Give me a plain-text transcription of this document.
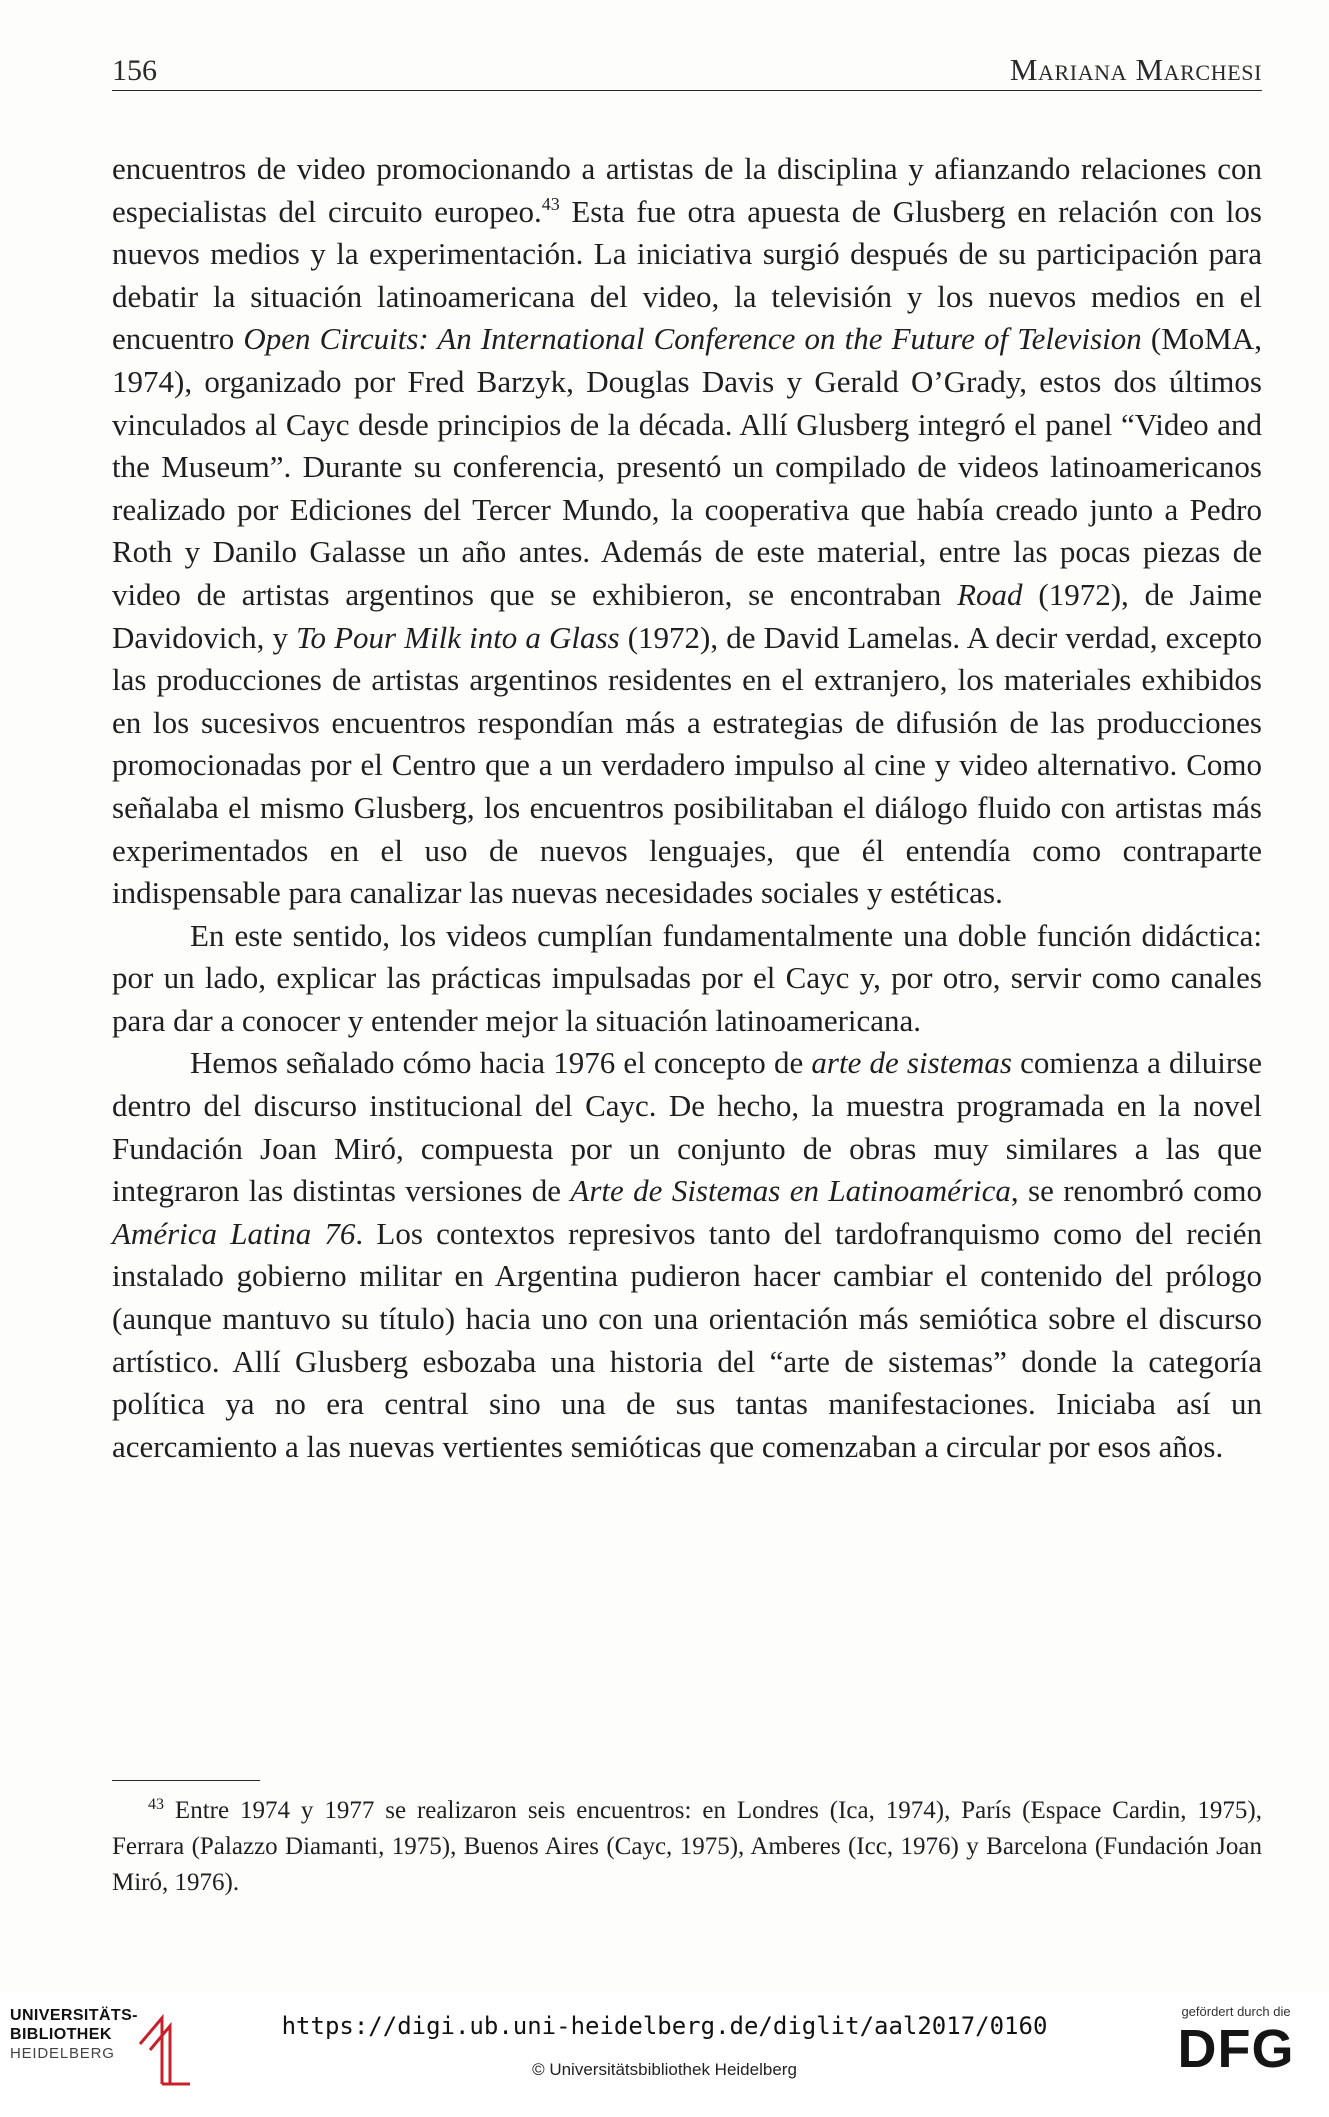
156	Mariana Marchesi

encuentros de video promocionando a artistas de la disciplina y afianzando relaciones con especialistas del circuito europeo.$^{43}$ Esta fue otra apuesta de Glusberg en relación con los nuevos medios y la experimentación. La iniciativa surgió después de su participación para debatir la situación latinoamericana del video, la televisión y los nuevos medios en el encuentro Open Circuits: An International Conference on the Future of Television (MoMA, 1974), organizado por Fred Barzyk, Douglas Davis y Gerald O’Grady, estos dos últimos vinculados al Cayc desde principios de la década. Allí Glusberg integró el panel “Video and the Museum”. Durante su conferencia, presentó un compilado de videos latinoamericanos realizado por Ediciones del Tercer Mundo, la cooperativa que había creado junto a Pedro Roth y Danilo Galasse un año antes. Además de este material, entre las pocas piezas de video de artistas argentinos que se exhibieron, se encontraban Road (1972), de Jaime Davidovich, y To Pour Milk into a Glass (1972), de David Lamelas. A decir verdad, excepto las producciones de artistas argentinos residentes en el extranjero, los materiales exhibidos en los sucesivos encuentros respondían más a estrategias de difusión de las producciones promocionadas por el Centro que a un verdadero impulso al cine y video alternativo. Como señalaba el mismo Glusberg, los encuentros posibilitaban el diálogo fluido con artistas más experimentados en el uso de nuevos lenguajes, que él entendía como contraparte indispensable para canalizar las nuevas necesidades sociales y estéticas.

En este sentido, los videos cumplían fundamentalmente una doble función didáctica: por un lado, explicar las prácticas impulsadas por el Cayc y, por otro, servir como canales para dar a conocer y entender mejor la situación latinoamericana.

Hemos señalado cómo hacia 1976 el concepto de arte de sistemas comienza a diluirse dentro del discurso institucional del Cayc. De hecho, la muestra programada en la novel Fundación Joan Miró, compuesta por un conjunto de obras muy similares a las que integraron las distintas versiones de Arte de Sistemas en Latinoamérica, se renombró como América Latina 76. Los contextos represivos tanto del tardofranquismo como del recién instalado gobierno militar en Argentina pudieron hacer cambiar el contenido del prólogo (aunque mantuvo su título) hacia uno con una orientación más semiótica sobre el discurso artístico. Allí Glusberg esbozaba una historia del “arte de sistemas” donde la categoría política ya no era central sino una de sus tantas manifestaciones. Iniciaba así un acercamiento a las nuevas vertientes semióticas que comenzaban a circular por esos años.

$^{43}$ Entre 1974 y 1977 se realizaron seis encuentros: en Londres (Ica, 1974), París (Espace Cardin, 1975), Ferrara (Palazzo Diamanti, 1975), Buenos Aires (Cayc, 1975), Amberes (Icc, 1976) y Barcelona (Fundación Joan Miró, 1976).

UNIVERSITÄTS-
BIBLIOTHEK
HEIDELBERG
https://digi.ub.uni-heidelberg.de/diglit/aal2017/0160
© Universitätsbibliothek Heidelberg
gefördert durch die
DFG
